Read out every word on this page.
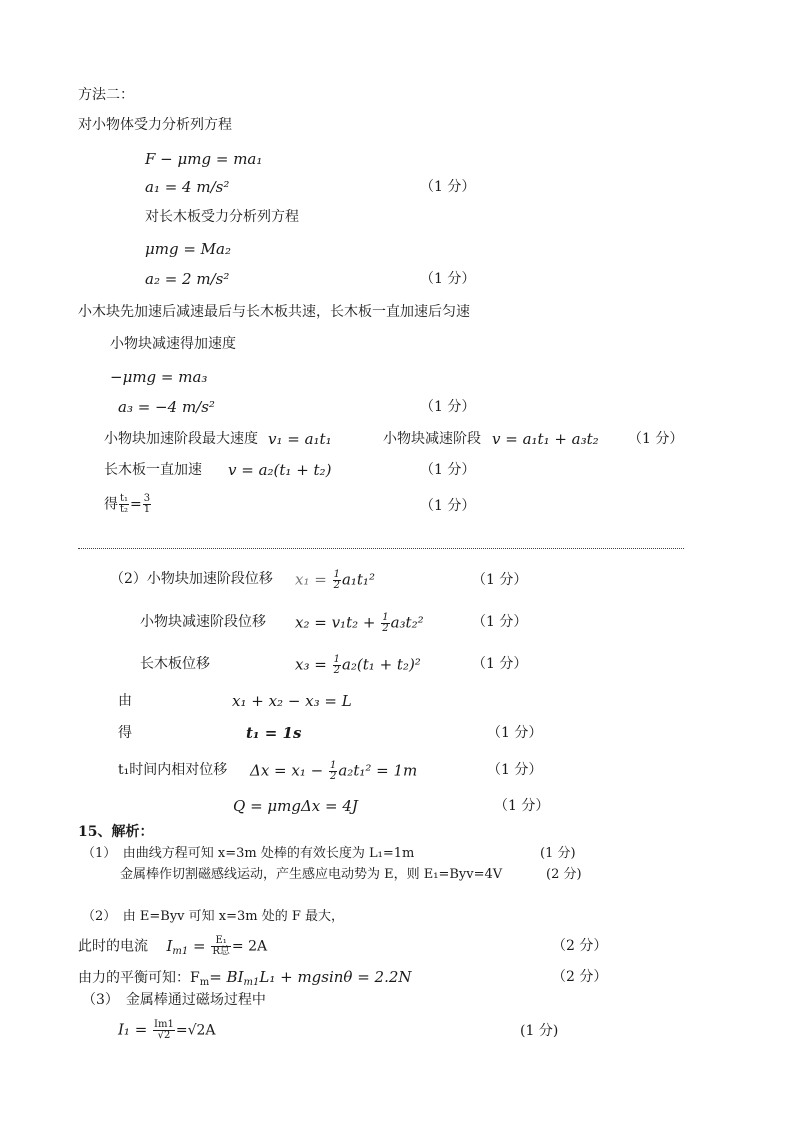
方法二：
对小物体受力分析列方程
F − μmg = ma₁
a₁ = 4 m/s²	（1 分）
对长木板受力分析列方程
μmg = Ma₂
a₂ = 2 m/s²	（1 分）
小木块先加速后减速最后与长木板共速，长木板一直加速后匀速
小物块减速得加速度
−μmg = ma₃
a₃ = −4 m/s²	（1 分）
小物块加速阶段最大速度 v₁ = a₁t₁	小物块减速阶段 v = a₁t₁ + a₃t₂ （1 分）
长木板一直加速 v = a₂(t₁ + t₂)	（1 分）
得 $\frac{\text{t₁}}{\text{t₂}} = \frac{3}{1}$	（1 分）
（2）小物块加速阶段位移 $x_1 = \frac{1}{2} a_1t_1^2$	（1 分）
小物块减速阶段位移 $x_2 = v_1t_2 + \frac{1}{2} a_3t_2^2$	（1 分）
长木板位移	$x_3 = \frac{1}{2} a_2(t_1 + t_2)^2$	（1 分）
由	x₁ + x₂ − x₃ = L
得	t₁ = 1s	（1 分）
t₁时间内相对位移 $\Delta x = x_1 - \frac{1}{2} a_2t_1^2 = 1m$	（1 分）
Q = μmgΔx = 4J	（1 分）
15、解析：
（1）　由曲线方程可知 x=3m 处棒的有效长度为 L₁=1m	(1 分)
金属棒作切割磁感线运动，产生感应电动势为 E，则 E₁=Byv=4V	(2 分)
（2）　由 E=Byv 可知 x=3m 处的 F 最大，
此时的电流 $I_{m1} = \frac{\text{E₁}}{\text{R总}} = 2A$	（2 分）
由力的平衡可知：$F_m= BI_{m1}L_1 + mgsin\theta = 2.2N$	（2 分）
（3）　金属棒通过磁场过程中
$I_1 = \frac{Im1}{√2} =√2A$	(1 分)
